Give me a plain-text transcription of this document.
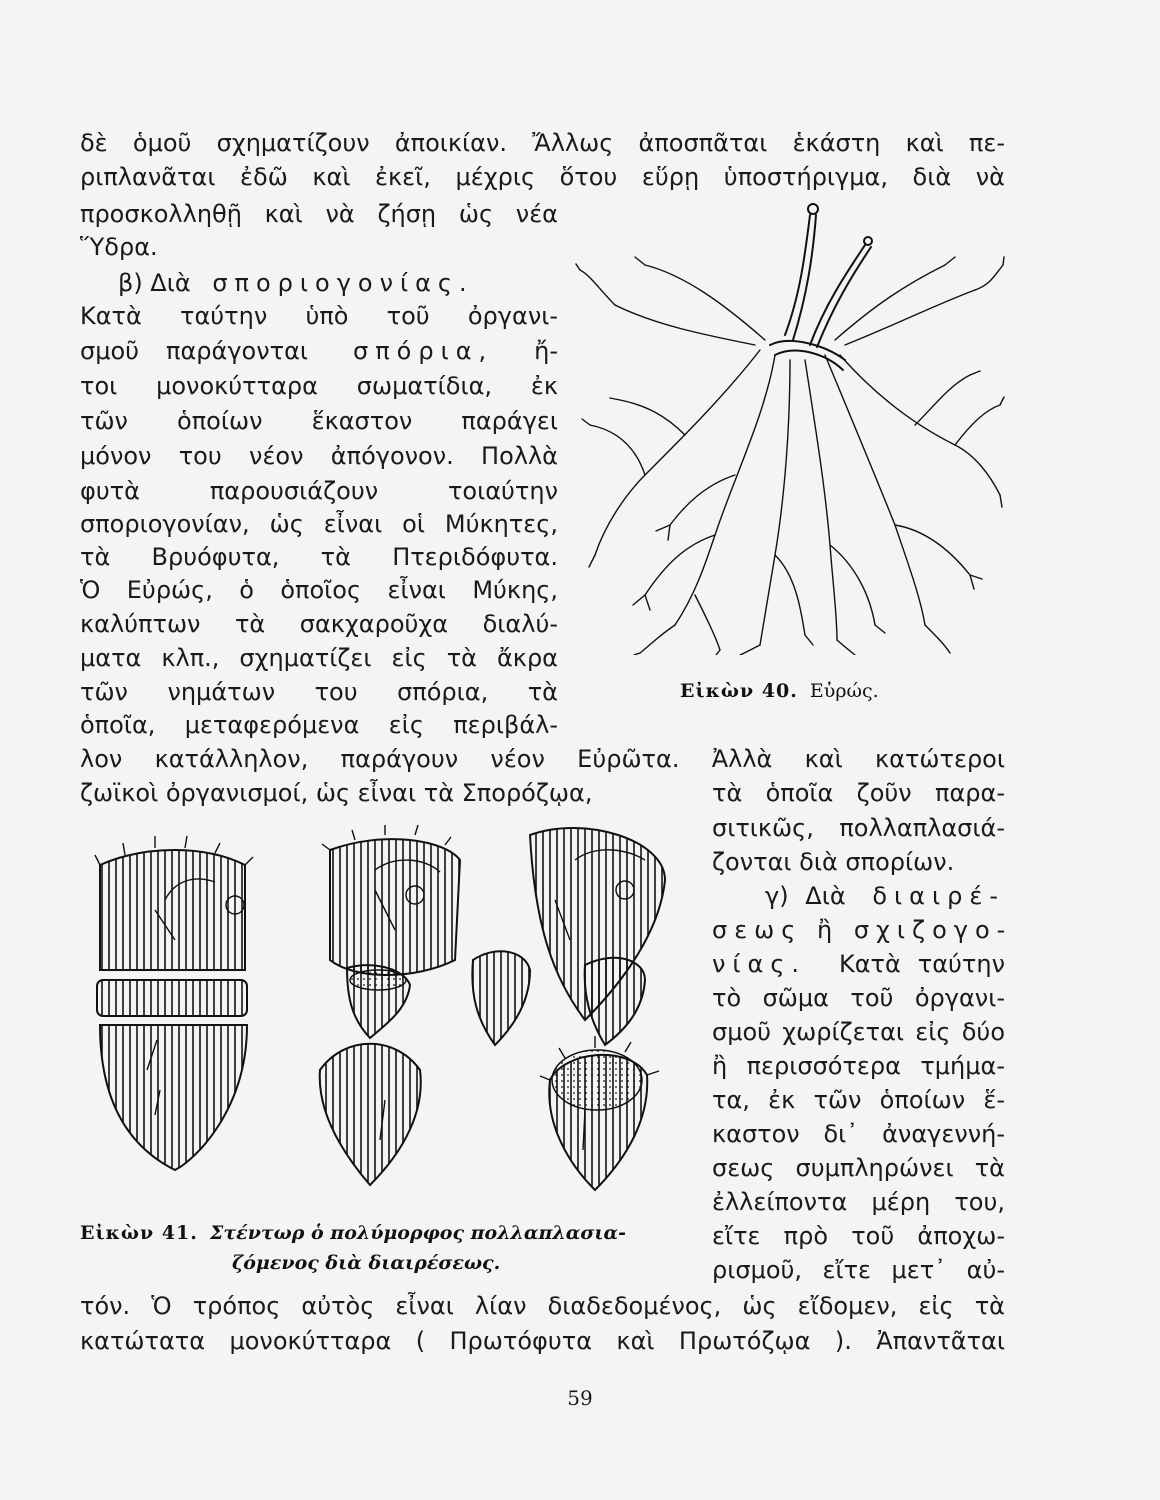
δὲ ὁμοῦ σχηματίζουν ἀποικίαν. Ἄλλως ἀποσπᾶται ἑκάστη καὶ πε-
ριπλανᾶται ἐδῶ καὶ ἐκεῖ, μέχρις ὅτου εὕρῃ ὑποστήριγμα, διὰ νὰ
προσκολληθῇ καὶ νὰ ζήσῃ ὡς νέα
Ὕδρα.
β) Διὰ σποριογονίας.
Κατὰ ταύτην ὑπὸ τοῦ ὀργανι-
σμοῦ παράγονται σπόρια, ἤ-
τοι μονοκύτταρα σωματίδια, ἐκ
τῶν ὁποίων ἕκαστον παράγει
μόνον του νέον ἀπόγονον. Πολλὰ
φυτὰ παρουσιάζουν τοιαύτην
σποριογονίαν, ὡς εἶναι οἱ Μύκητες,
τὰ Βρυόφυτα, τὰ Πτεριδόφυτα.
Ὁ Εὐρώς, ὁ ὁποῖος εἶναι Μύκης,
καλύπτων τὰ σακχαροῦχα διαλύ-
ματα κλπ., σχηματίζει εἰς τὰ ἄκρα
τῶν νημάτων του σπόρια, τὰ
ὁποῖα, μεταφερόμενα εἰς περιβάλ-
λον κατάλληλον, παράγουν νέον Εὐρῶτα. Ἀλλὰ καὶ κατώτεροι
ζωϊκοὶ ὀργανισμοί, ὡς εἶναι τὰ Σπορόζῳα,	τὰ ὁποῖα ζοῦν παρα-
σιτικῶς, πολλαπλασιά-
ζονται διὰ σπορίων.
γ) Διὰ διαιρέ-
σεως ἢ σχιζογο-
νίας. Κατὰ ταύτην
τὸ σῶμα τοῦ ὀργανι-
σμοῦ χωρίζεται εἰς δύο
ἢ περισσότερα τμήμα-
τα, ἐκ τῶν ὁποίων ἕ-
καστον δι᾽ ἀναγεννή-
σεως συμπληρώνει τὰ
ἐλλείποντα μέρη του,
εἴτε πρὸ τοῦ ἀποχω-
ρισμοῦ, εἴτε μετ᾽ αὐ-
τόν. Ὁ τρόπος αὐτὸς εἶναι λίαν διαδεδομένος, ὡς εἴδομεν, εἰς τὰ
κατώτατα μονοκύτταρα ( Πρωτόφυτα καὶ Πρωτόζῳα ). Ἀπαντᾶται
Εἰκὼν 40. Εὐρώς.
Εἰκὼν 41. Στέντωρ ὁ πολύμορφος πολλαπλασια-
ζόμενος διὰ διαιρέσεως.
59
